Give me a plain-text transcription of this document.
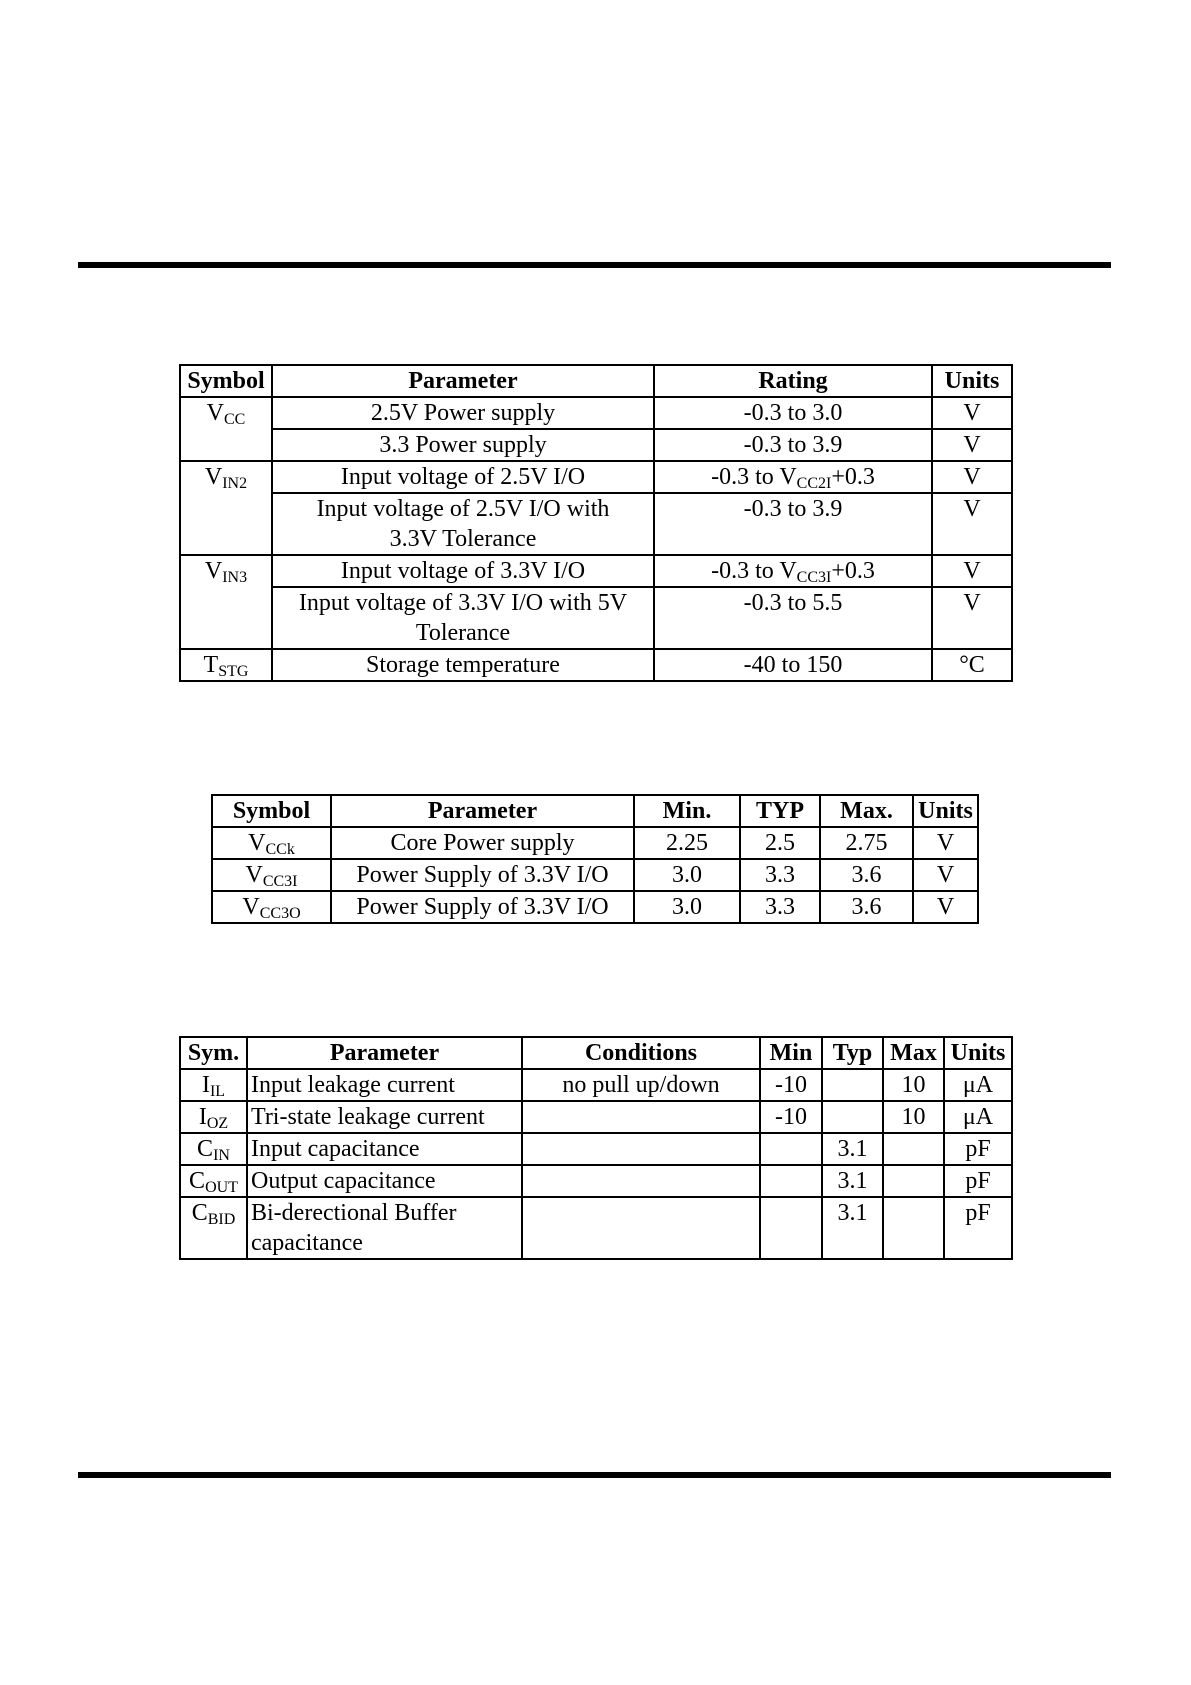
Symbol	Parameter	Rating	Units
$V_{CC}$	2.5V Power supply	-0.3 to 3.0	V
	3.3 Power supply	-0.3 to 3.9	V
$V_{IN2}$	Input voltage of 2.5V I/O	-0.3 to $V_{CC2I}+0.3$	V
	Input voltage of 2.5V I/O with 3.3V Tolerance	-0.3 to 3.9	V
$V_{IN3}$	Input voltage of 3.3V I/O	-0.3 to $V_{CC3I}+0.3$	V
	Input voltage of 3.3V I/O with 5V Tolerance	-0.3 to 5.5	V
$T_{STG}$	Storage temperature	-40 to 150	°C
Symbol	Parameter	Min.	TYP	Max.	Units
$V_{CCk}$	Core Power supply	2.25	2.5	2.75	V
$V_{CC3I}$	Power Supply of 3.3V I/O	3.0	3.3	3.6	V
$V_{CC3O}$	Power Supply of 3.3V I/O	3.0	3.3	3.6	V
Sym.	Parameter	Conditions	Min	Typ	Max	Units
$I_{IL}$	Input leakage current	no pull up/down	-10		10	μA
$I_{OZ}$	Tri-state leakage current		-10		10	μA
$C_{IN}$	Input capacitance			3.1		pF
$C_{OUT}$	Output capacitance			3.1		pF
$C_{BID}$	Bi-derectional Buffer capacitance			3.1		pF
